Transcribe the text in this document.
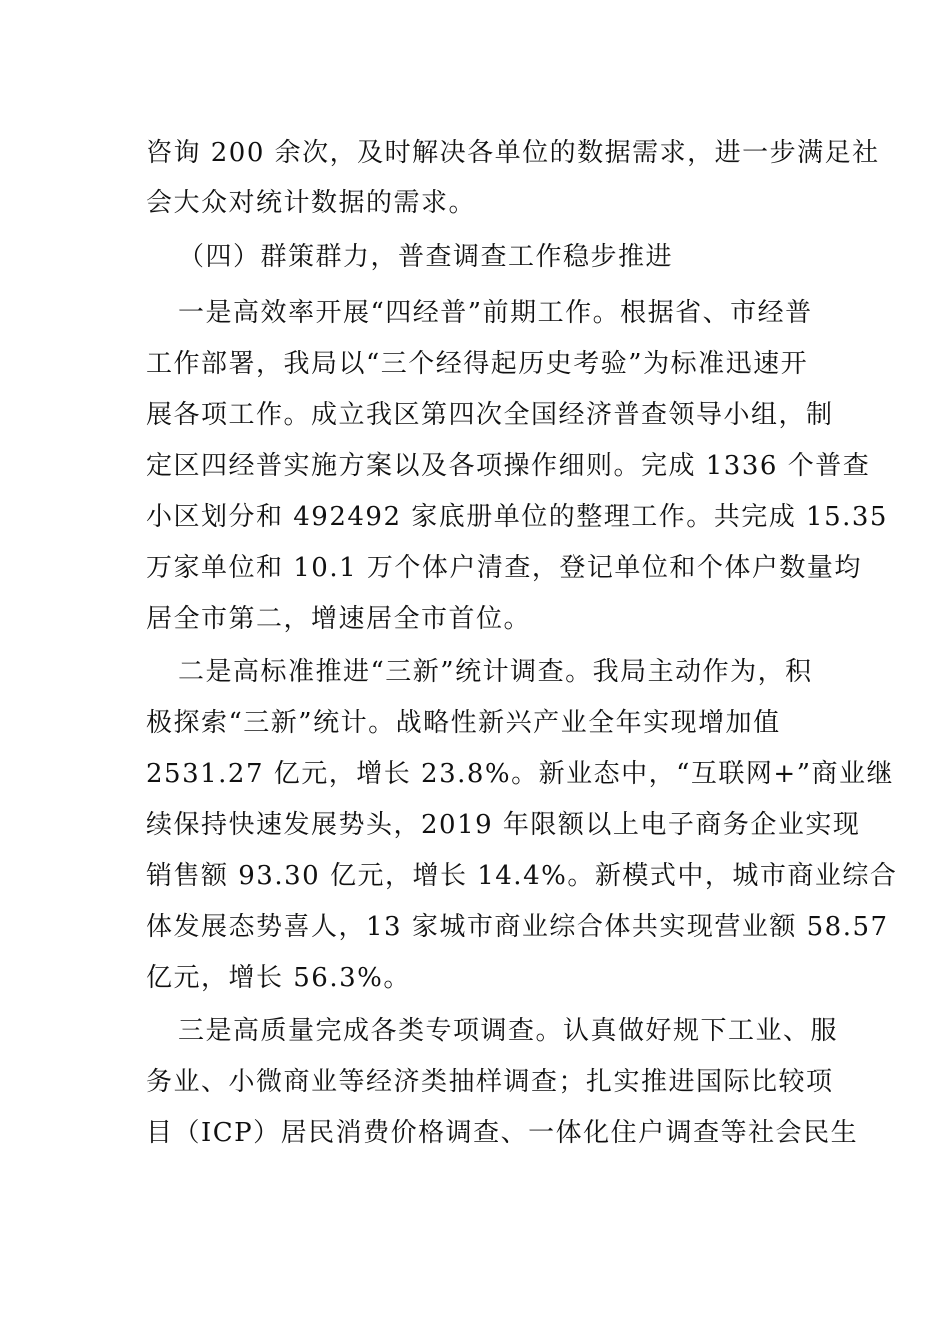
咨询 200 余次，及时解决各单位的数据需求，进一步满足社
会大众对统计数据的需求。
（四）群策群力，普查调查工作稳步推进
一是高效率开展“四经普”前期工作。根据省、市经普
工作部署，我局以“三个经得起历史考验”为标准迅速开
展各项工作。成立我区第四次全国经济普查领导小组，制
定区四经普实施方案以及各项操作细则。完成 1336 个普查
小区划分和 492492 家底册单位的整理工作。共完成 15.35
万家单位和 10.1 万个体户清查，登记单位和个体户数量均
居全市第二，增速居全市首位。
二是高标准推进“三新”统计调查。我局主动作为，积
极探索“三新”统计。战略性新兴产业全年实现增加值
2531.27 亿元，增长 23.8%。新业态中，“互联网+”商业继
续保持快速发展势头，2019 年限额以上电子商务企业实现
销售额 93.30 亿元，增长 14.4%。新模式中，城市商业综合
体发展态势喜人，13 家城市商业综合体共实现营业额 58.57
亿元，增长 56.3%。
三是高质量完成各类专项调查。认真做好规下工业、服
务业、小微商业等经济类抽样调查；扎实推进国际比较项
目（ICP）居民消费价格调查、一体化住户调查等社会民生
